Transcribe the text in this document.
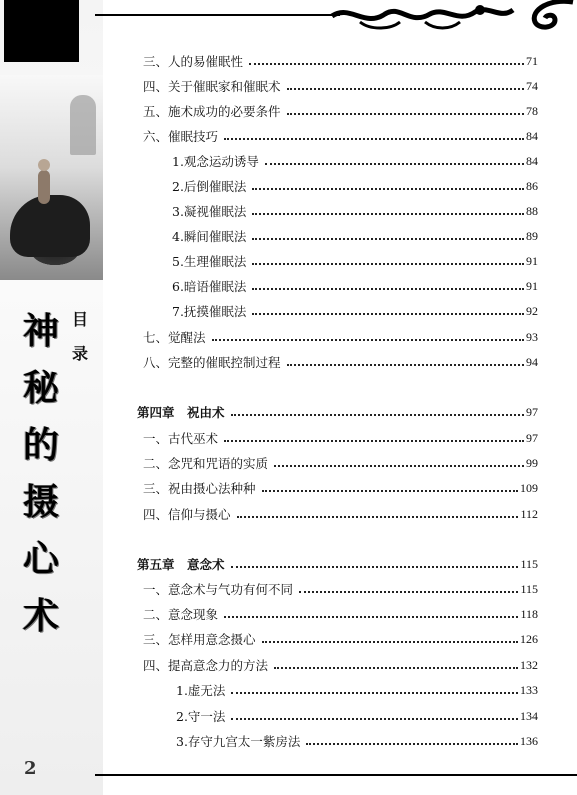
神
秘
的
摄
心
术
目
录
2
三、人的易催眠性	71
四、关于催眠家和催眠术	74
五、施术成功的必要条件	78
六、催眠技巧	84
1.观念运动诱导	84
2.后倒催眠法	86
3.凝视催眠法	88
4.瞬间催眠法	89
5.生理催眠法	91
6.暗语催眠法	91
7.抚摸催眠法	92
七、觉醒法	93
八、完整的催眠控制过程	94
第四章　祝由术	97
一、古代巫术	97
二、念咒和咒语的实质	99
三、祝由摄心法种种	109
四、信仰与摄心	112
第五章　意念术	115
一、意念术与气功有何不同	115
二、意念现象	118
三、怎样用意念摄心	126
四、提高意念力的方法	132
1.虚无法	133
2.守一法	134
3.存守九宫太一紫房法	136
